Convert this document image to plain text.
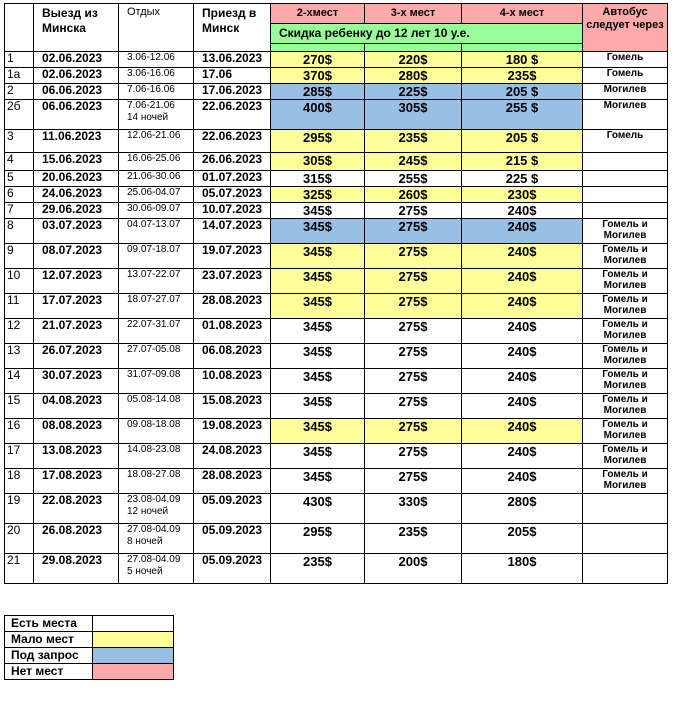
	Выезд из Минска	Отдых	Приезд в Минск	2-хмест	3-х мест	4-х мест	Автобус следует через
				Скидка ребенку до 12 лет 10 у.е.			

1	02.06.2023	3.06-12.06	13.06.2023	270$	220$	180 $	Гомель
1а	02.06.2023	3.06-16.06	17.06	370$	280$	235$	Гомель
2	06.06.2023	7.06-16.06	17.06.2023	285$	225$	205 $	Могилев
2б	06.06.2023	7.06-21.06
14 ночей	22.06.2023	400$	305$	255 $	Могилев
3	11.06.2023	12.06-21.06	22.06.2023	295$	235$	205 $	Гомель
4	15.06.2023	16.06-25.06	26.06.2023	305$	245$	215 $	
5	20.06.2023	21.06-30.06	01.07.2023	315$	255$	225 $	
6	24.06.2023	25.06-04.07	05.07.2023	325$	260$	230$	
7	29.06.2023	30.06-09.07	10.07.2023	345$	275$	240$	
8	03.07.2023	04.07-13.07	14.07.2023	345$	275$	240$	Гомель и Могилев
9	08.07.2023	09.07-18.07	19.07.2023	345$	275$	240$	Гомель и Могилев
10	12.07.2023	13.07-22.07	23.07.2023	345$	275$	240$	Гомель и Могилев
11	17.07.2023	18.07-27.07	28.08.2023	345$	275$	240$	Гомель и Могилев
12	21.07.2023	22.07-31.07	01.08.2023	345$	275$	240$	Гомель и Могилев
13	26.07.2023	27.07-05.08	06.08.2023	345$	275$	240$	Гомель и Могилев
14	30.07.2023	31.07-09.08	10.08.2023	345$	275$	240$	Гомель и Могилев
15	04.08.2023	05.08-14.08	15.08.2023	345$	275$	240$	Гомель и Могилев
16	08.08.2023	09.08-18.08	19.08.2023	345$	275$	240$	Гомель и Могилев
17	13.08.2023	14.08-23.08	24.08.2023	345$	275$	240$	Гомель и Могилев
18	17.08.2023	18.08-27.08	28.08.2023	345$	275$	240$	Гомель и Могилев
19	22.08.2023	23.08-04.09
12 ночей	05.09.2023	430$	330$	280$	
20	26.08.2023	27.08-04.09
8 ночей	05.09.2023	295$	235$	205$	
21	29.08.2023	27.08-04.09
5 ночей	05.09.2023	235$	200$	180$	
Есть места	
Мало мест	
Под запрос	
Нет мест	
